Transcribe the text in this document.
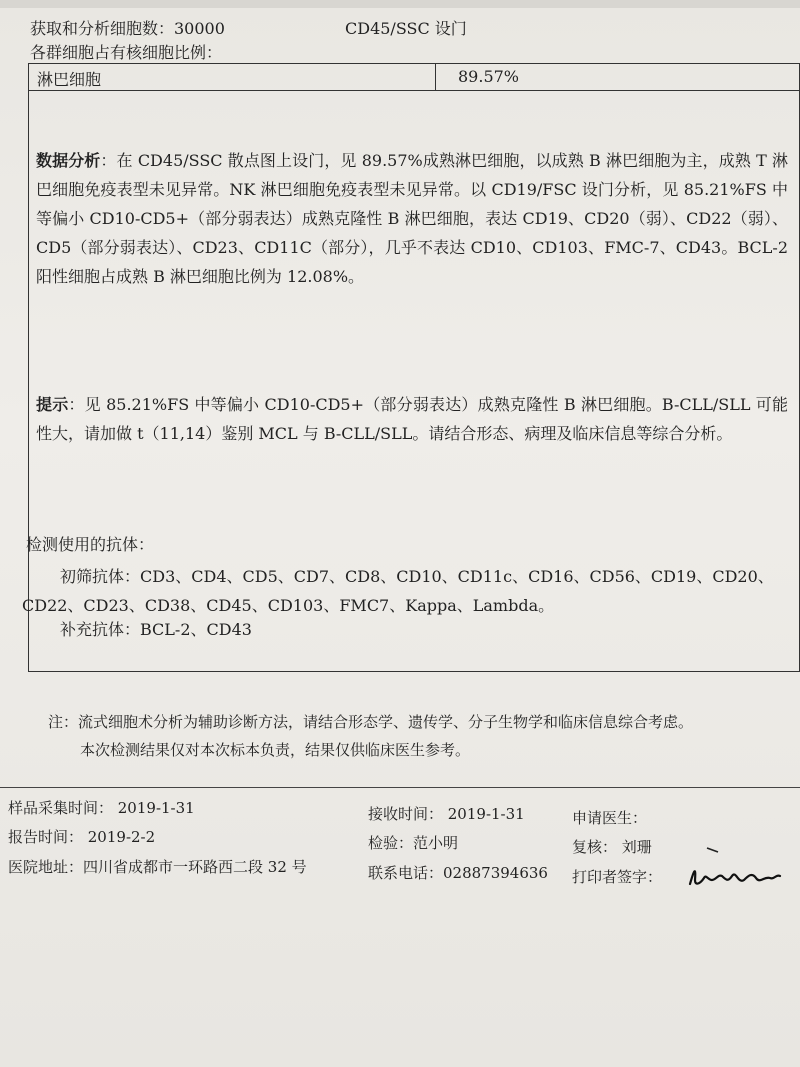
获取和分析细胞数：30000	CD45/SSC 设门
各群细胞占有核细胞比例：
淋巴细胞	89.57%
数据分析：在 CD45/SSC 散点图上设门，见 89.57%成熟淋巴细胞，以成熟 B 淋巴细胞为主，成熟 T 淋巴细胞免疫表型未见异常。NK 淋巴细胞免疫表型未见异常。以 CD19/FSC 设门分析，见 85.21%FS 中等偏小 CD10-CD5+（部分弱表达）成熟克隆性 B 淋巴细胞，表达 CD19、CD20（弱）、CD22（弱）、CD5（部分弱表达）、CD23、CD11C（部分），几乎不表达 CD10、CD103、FMC-7、CD43。BCL-2 阳性细胞占成熟 B 淋巴细胞比例为 12.08%。
提示：见 85.21%FS 中等偏小 CD10-CD5+（部分弱表达）成熟克隆性 B 淋巴细胞。B-CLL/SLL 可能性大，请加做 t（11,14）鉴别 MCL 与 B-CLL/SLL。请结合形态、病理及临床信息等综合分析。
检测使用的抗体：
初筛抗体：CD3、CD4、CD5、CD7、CD8、CD10、CD11c、CD16、CD56、CD19、CD20、
CD22、CD23、CD38、CD45、CD103、FMC7、Kappa、Lambda。
补充抗体：BCL-2、CD43
注：流式细胞术分析为辅助诊断方法，请结合形态学、遗传学、分子生物学和临床信息综合考虑。
本次检测结果仅对本次标本负责，结果仅供临床医生参考。
样品采集时间： 2019-1-31	接收时间： 2019-1-31	申请医生：
报告时间： 2019-2-2	检验：范小明	复核： 刘珊
医院地址：四川省成都市一环路西二段 32 号	联系电话：02887394636 打印者签字：
